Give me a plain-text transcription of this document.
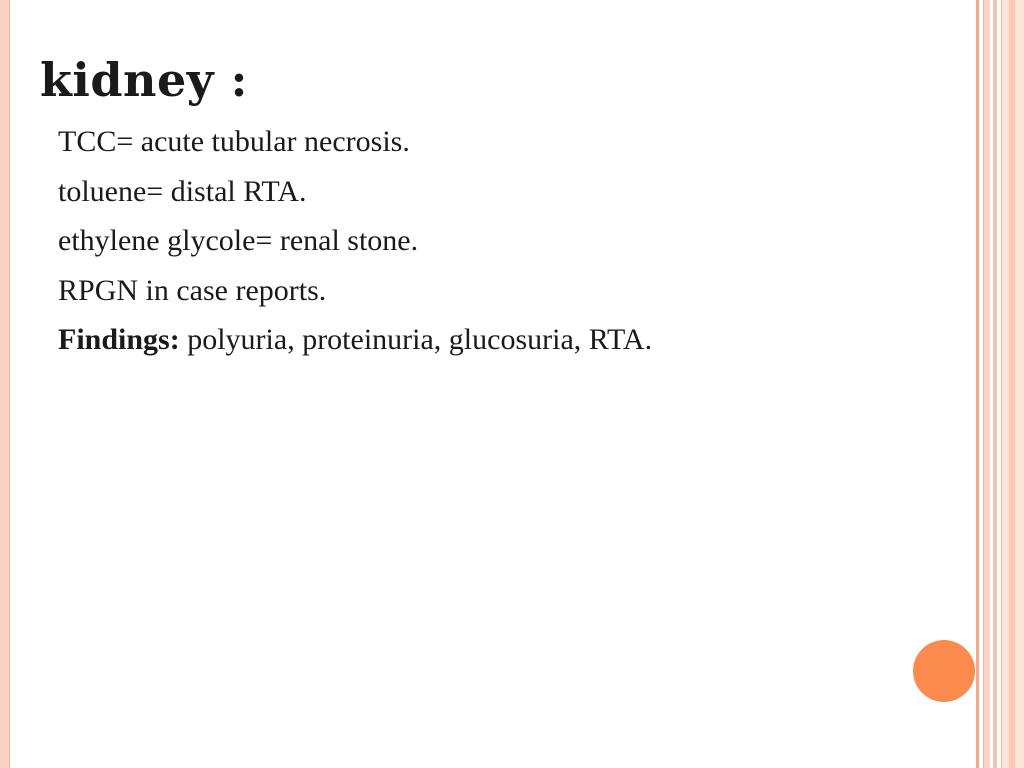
kidney :
TCC= acute tubular necrosis.
toluene= distal RTA.
ethylene glycole= renal stone.
RPGN in case reports.
Findings: polyuria, proteinuria, glucosuria, RTA.
